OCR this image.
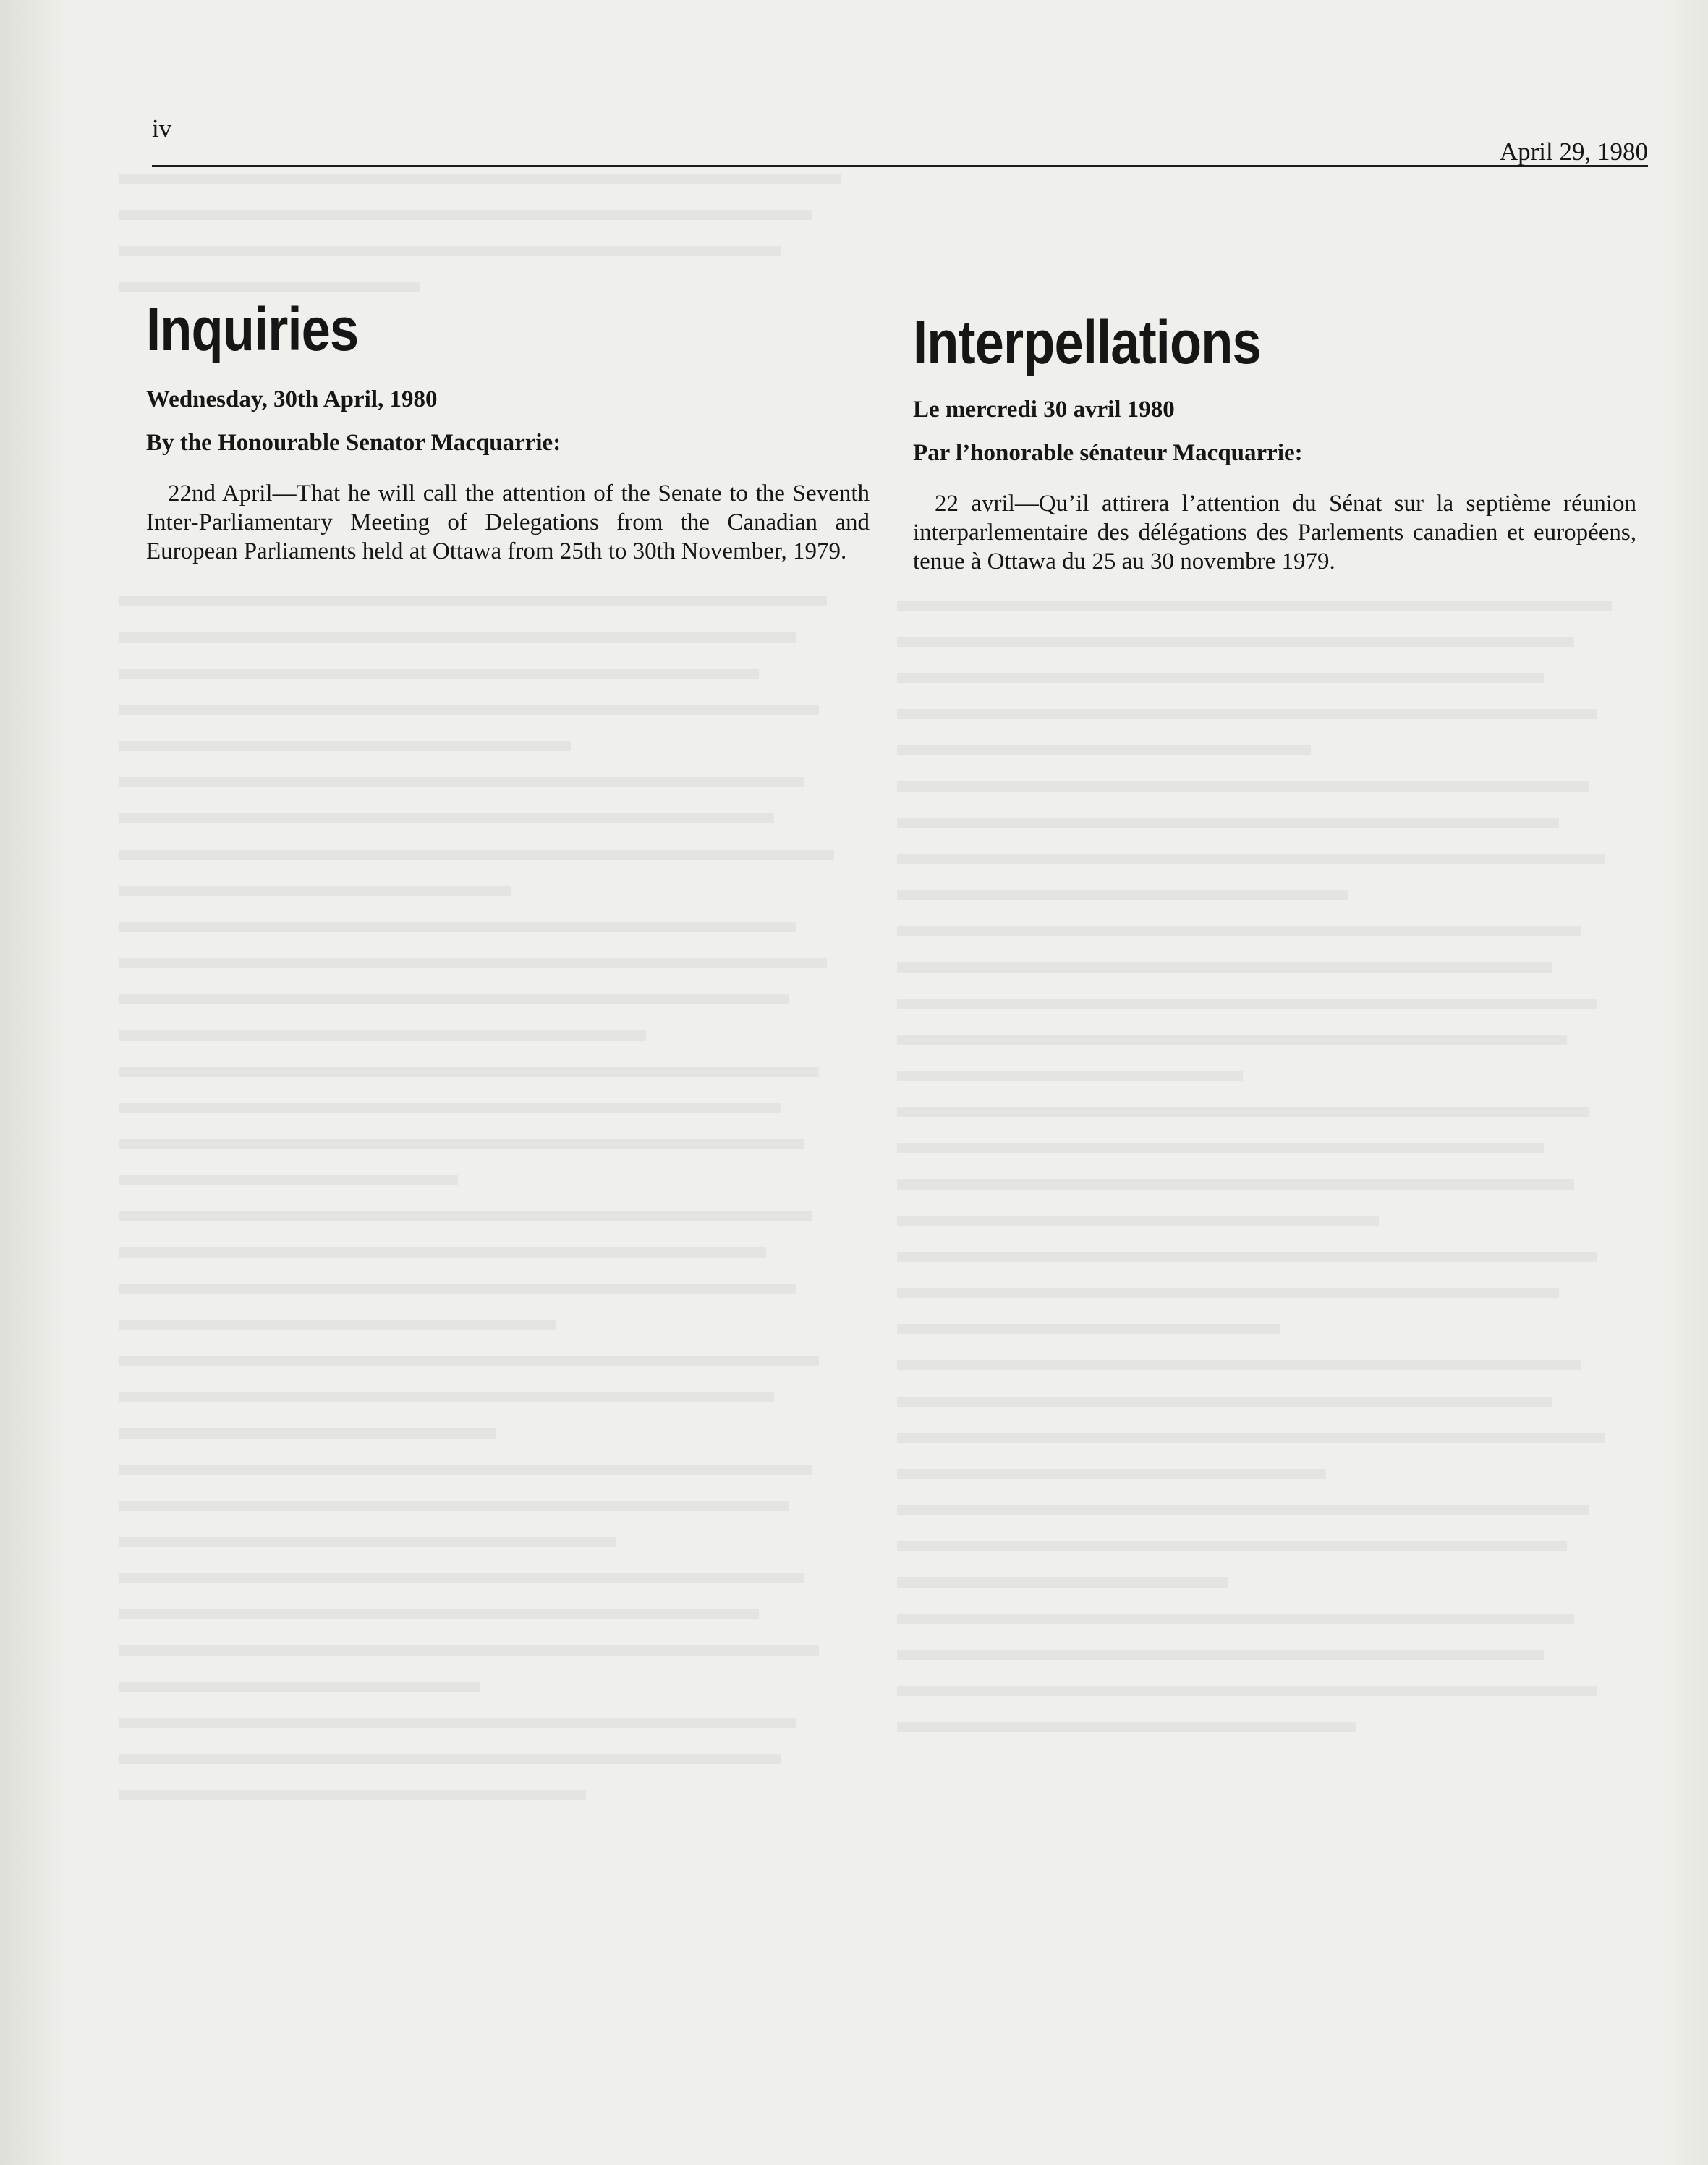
iv
April 29, 1980
Inquiries

Wednesday, 30th April, 1980

By the Honourable Senator Macquarrie:

22nd April—That he will call the attention of the Senate to the Seventh Inter-Parliamentary Meeting of Delegations from the Canadian and European Parliaments held at Ottawa from 25th to 30th November, 1979.

Interpellations

Le mercredi 30 avril 1980

Par l’honorable sénateur Macquarrie:

22 avril—Qu’il attirera l’attention du Sénat sur la septième réunion interparlementaire des délégations des Parlements canadien et européens, tenue à Ottawa du 25 au 30 novembre 1979.
